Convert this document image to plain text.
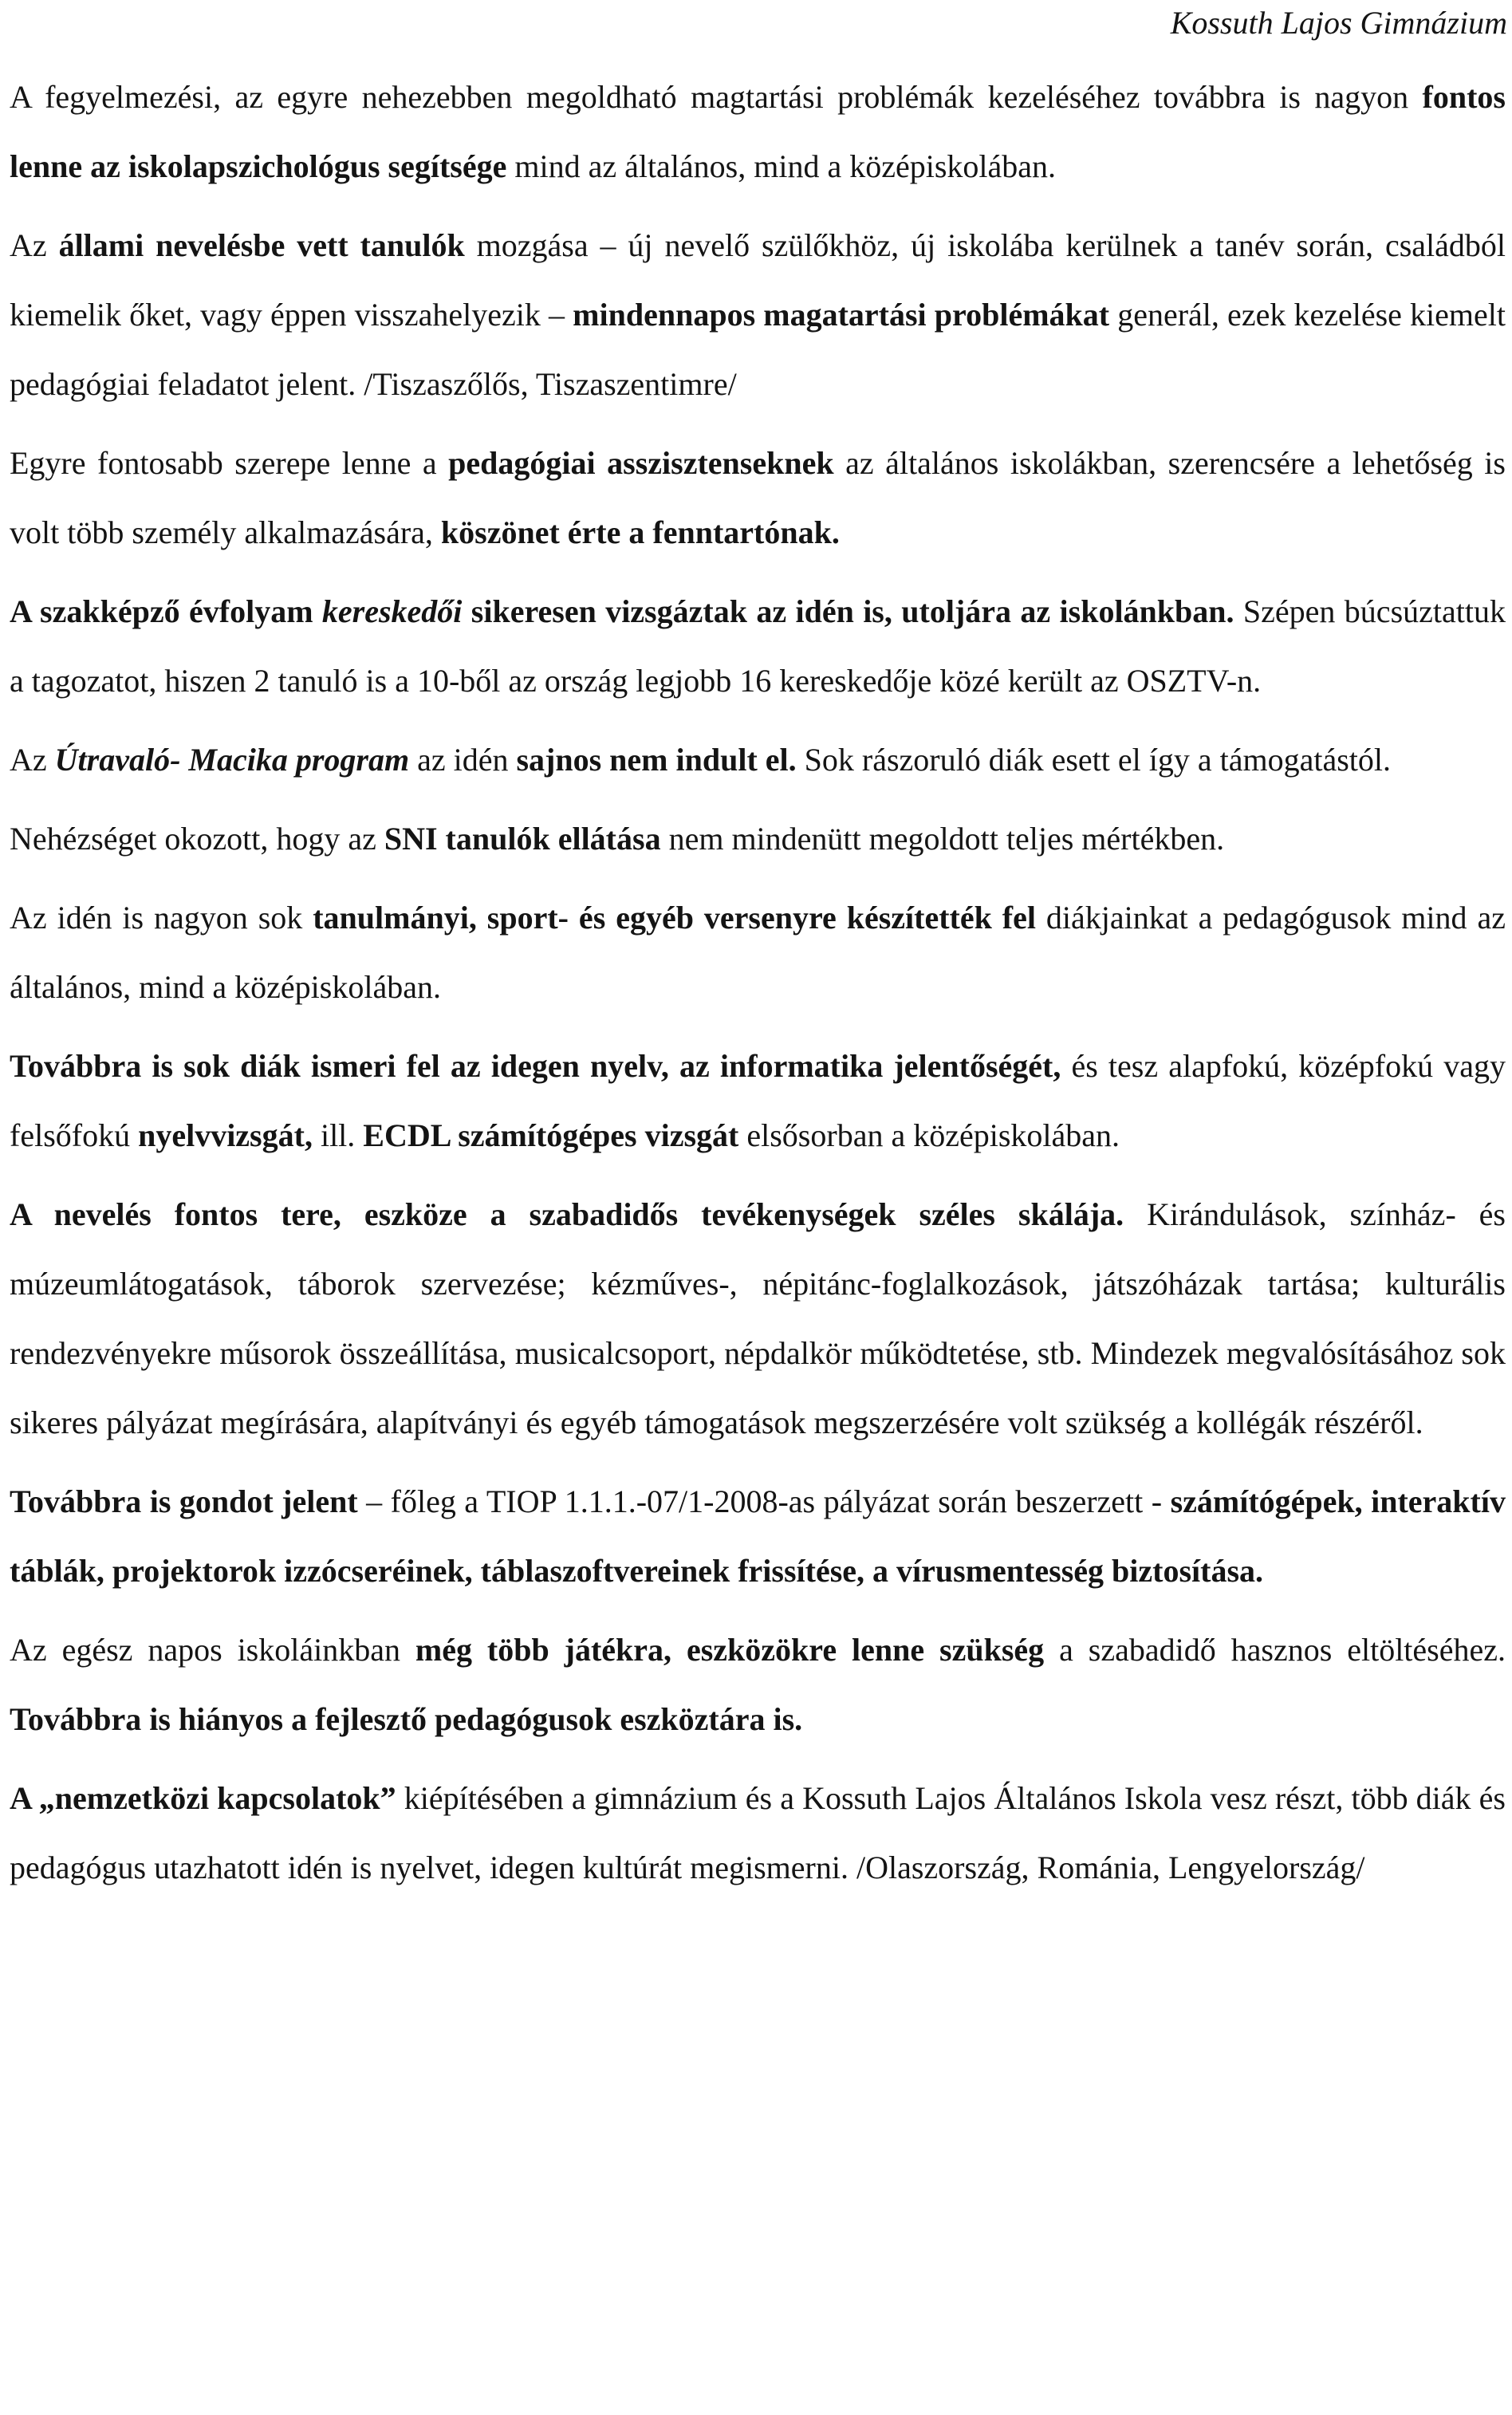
Kossuth Lajos Gimnázium

A fegyelmezési, az egyre nehezebben megoldható magtartási problémák kezeléséhez továbbra is nagyon fontos lenne az iskolapszichológus segítsége mind az általános, mind a középiskolában.

Az állami nevelésbe vett tanulók mozgása – új nevelő szülőkhöz, új iskolába kerülnek a tanév során, családból kiemelik őket, vagy éppen visszahelyezik – mindennapos magatartási problémákat generál, ezek kezelése kiemelt pedagógiai feladatot jelent. /Tiszaszőlős, Tiszaszentimre/

Egyre fontosabb szerepe lenne a pedagógiai asszisztenseknek az általános iskolákban, szerencsére a lehetőség is volt több személy alkalmazására, köszönet érte a fenntartónak.

A szakképző évfolyam kereskedői sikeresen vizsgáztak az idén is, utoljára az iskolánkban. Szépen búcsúztattuk a tagozatot, hiszen 2 tanuló is a 10-ből az ország legjobb 16 kereskedője közé került az OSZTV-n.

Az Útravaló- Macika program az idén sajnos nem indult el. Sok rászoruló diák esett el így a támogatástól.

Nehézséget okozott, hogy az SNI tanulók ellátása nem mindenütt megoldott teljes mértékben.

Az idén is nagyon sok tanulmányi, sport- és egyéb versenyre készítették fel diákjainkat a pedagógusok mind az általános, mind a középiskolában.

Továbbra is sok diák ismeri fel az idegen nyelv, az informatika jelentőségét, és tesz alapfokú, középfokú vagy felsőfokú nyelvvizsgát, ill. ECDL számítógépes vizsgát elsősorban a középiskolában.

A nevelés fontos tere, eszköze a szabadidős tevékenységek széles skálája. Kirándulások, színház- és múzeumlátogatások, táborok szervezése; kézműves-, népitánc-foglalkozások, játszóházak tartása; kulturális rendezvényekre műsorok összeállítása, musicalcsoport, népdalkör működtetése, stb. Mindezek megvalósításához sok sikeres pályázat megírására, alapítványi és egyéb támogatások megszerzésére volt szükség a kollégák részéről.

Továbbra is gondot jelent – főleg a TIOP 1.1.1.-07/1-2008-as pályázat során beszerzett - számítógépek, interaktív táblák, projektorok izzócseréinek, táblaszoftvereinek frissítése, a vírusmentesség biztosítása.

Az egész napos iskoláinkban még több játékra, eszközökre lenne szükség a szabadidő hasznos eltöltéséhez. Továbbra is hiányos a fejlesztő pedagógusok eszköztára is.

A „nemzetközi kapcsolatok” kiépítésében a gimnázium és a Kossuth Lajos Általános Iskola vesz részt, több diák és pedagógus utazhatott idén is nyelvet, idegen kultúrát megismerni. /Olaszország, Románia, Lengyelország/
